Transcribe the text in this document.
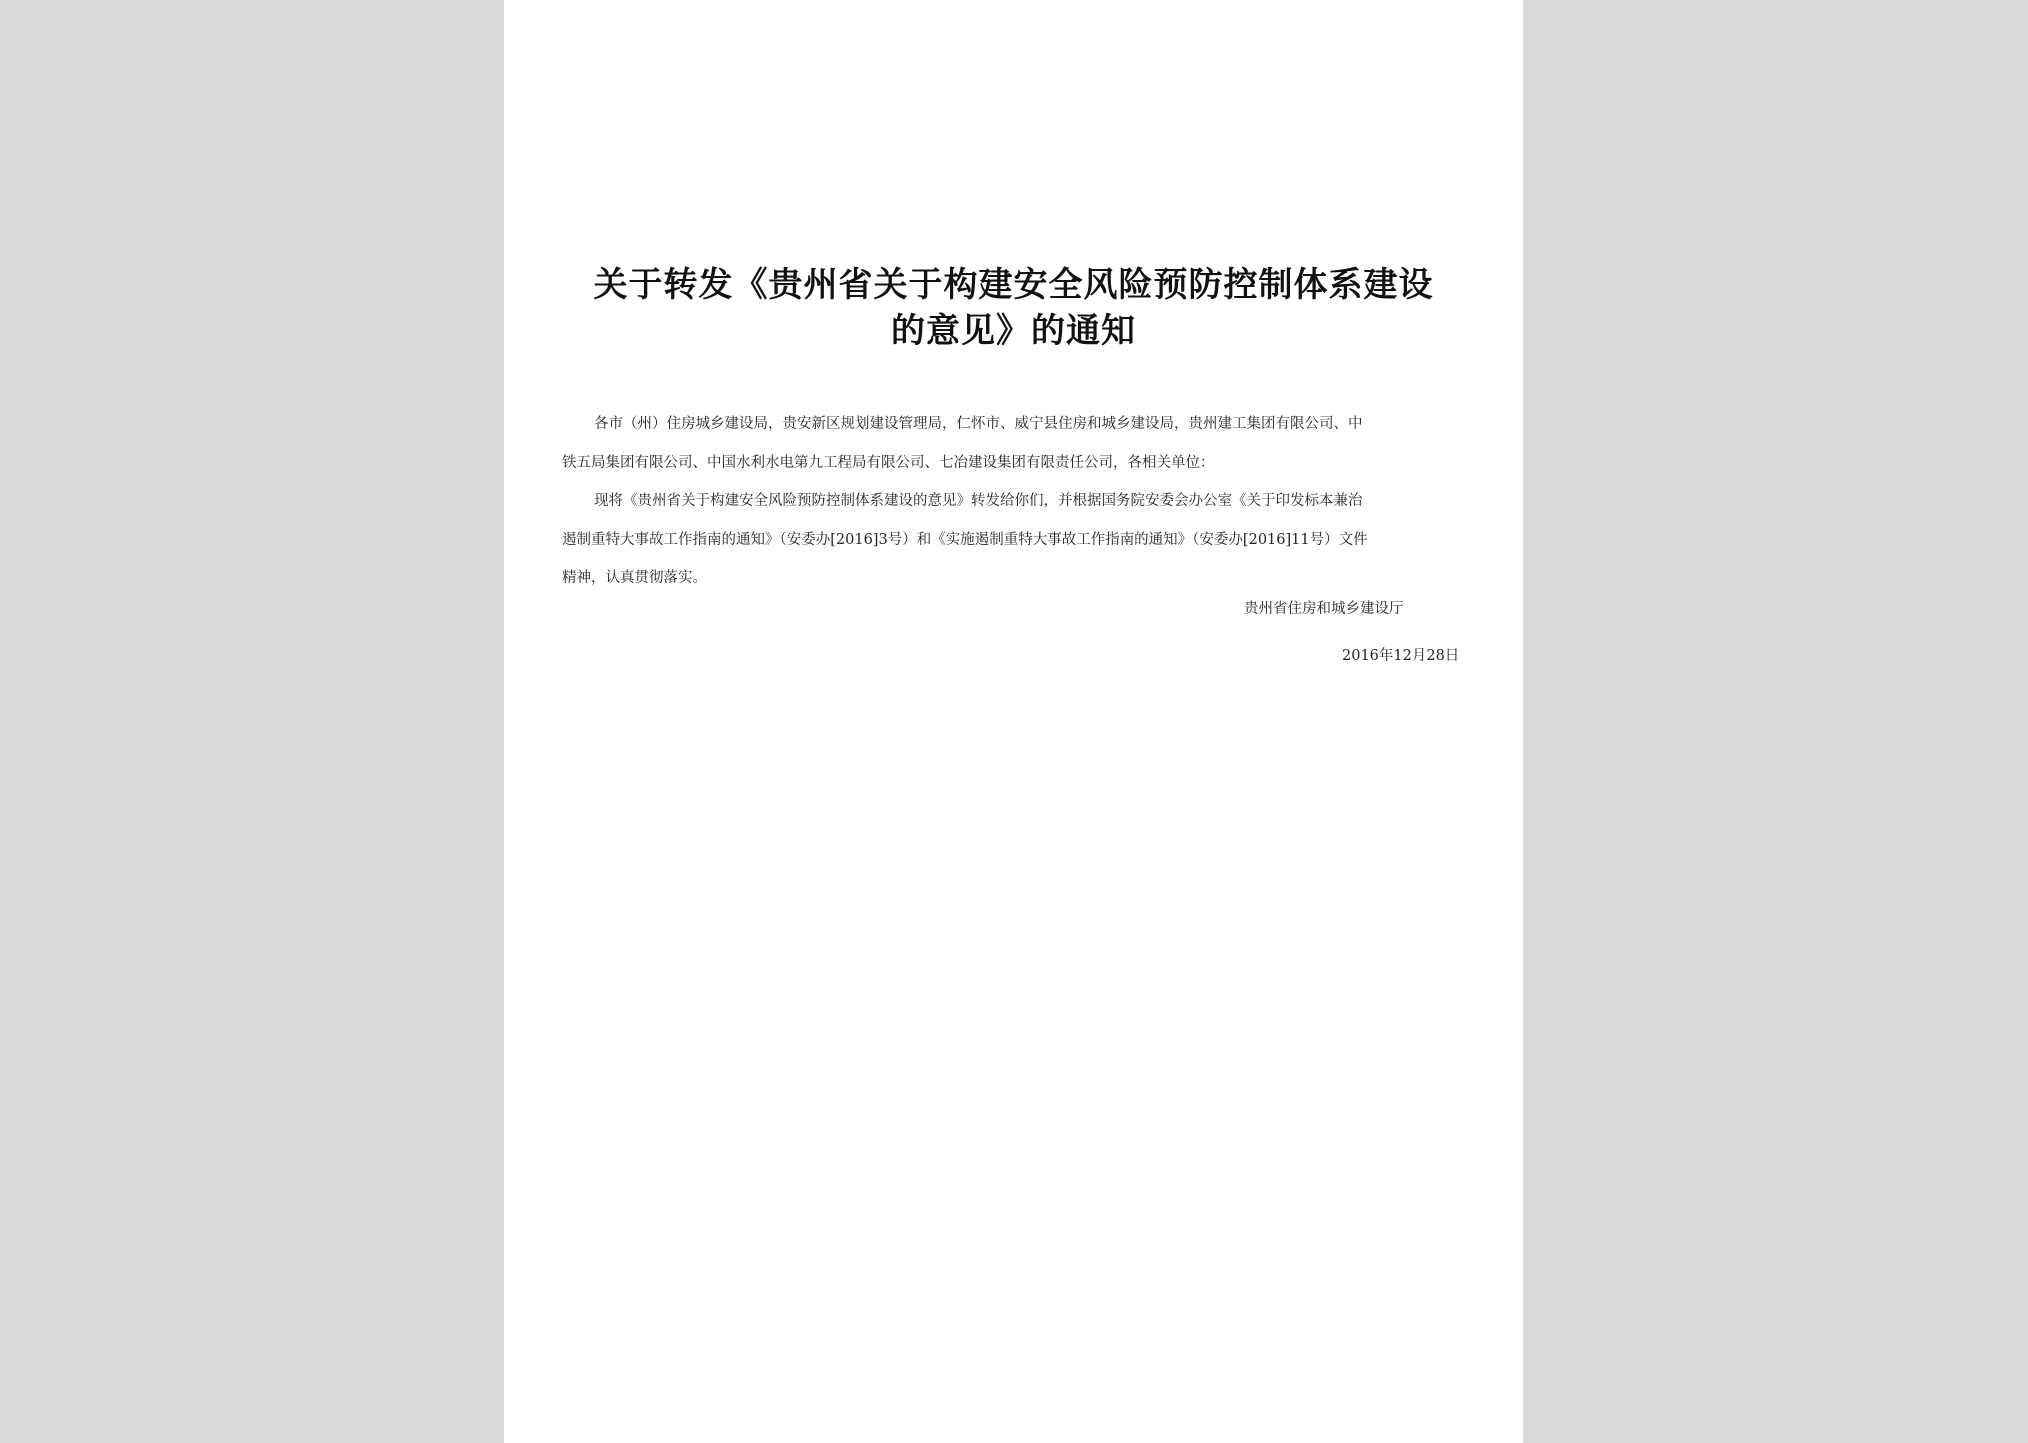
关于转发《贵州省关于构建安全风险预防控制体系建设
的意见》的通知

各市（州）住房城乡建设局，贵安新区规划建设管理局，仁怀市、威宁县住房和城乡建设局，贵州建工集团有限公司、中
铁五局集团有限公司、中国水利水电第九工程局有限公司、七冶建设集团有限责任公司，各相关单位：

现将《贵州省关于构建安全风险预防控制体系建设的意见》转发给你们，并根据国务院安委会办公室《关于印发标本兼治
遏制重特大事故工作指南的通知》（安委办[2016]3号）和《实施遏制重特大事故工作指南的通知》（安委办[2016]11号）文件
精神，认真贯彻落实。

贵州省住房和城乡建设厅
2016年12月28日
